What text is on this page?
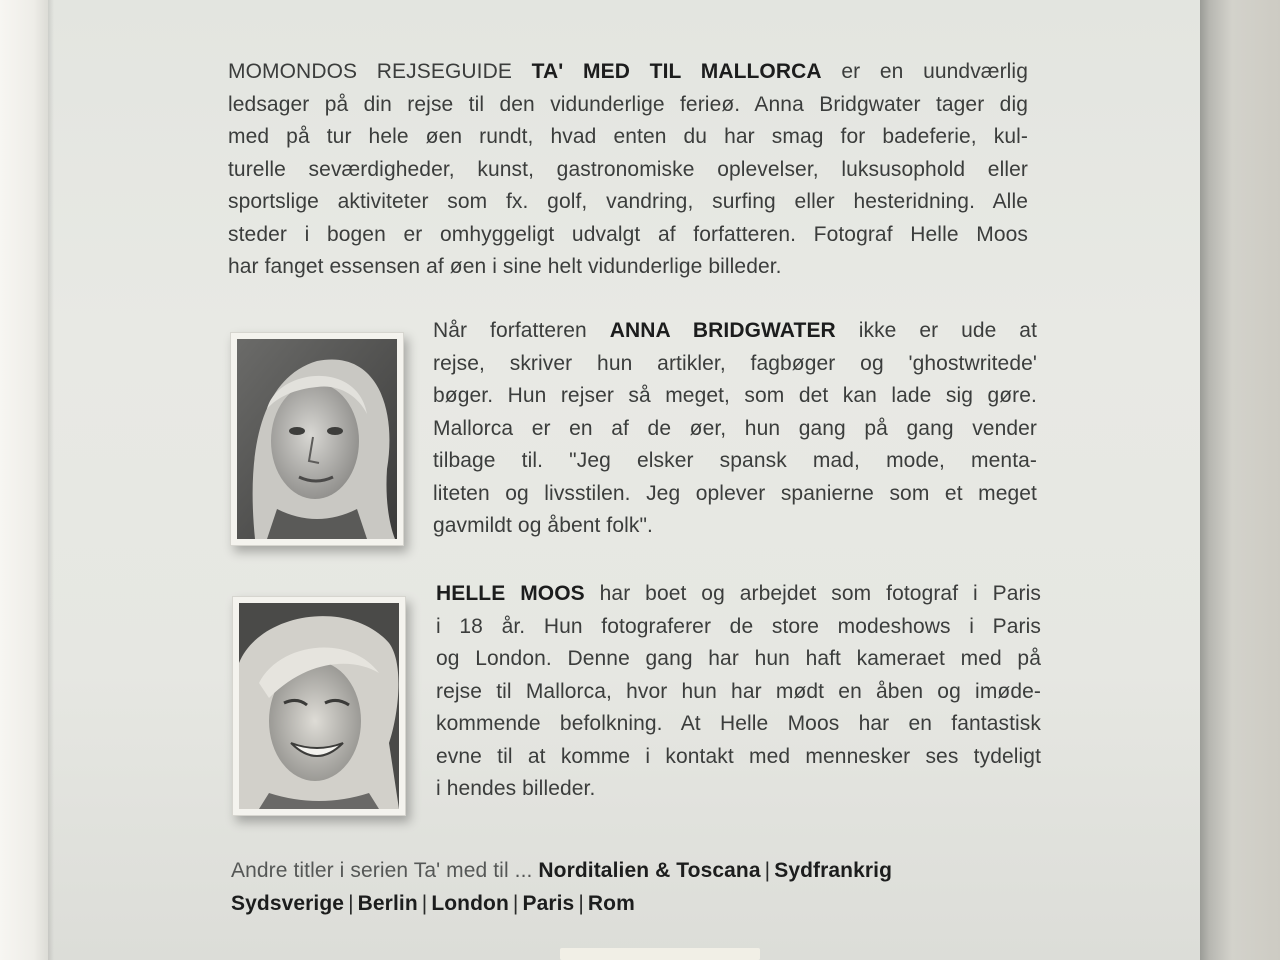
MOMONDOS REJSEGUIDE TA' MED TIL MALLORCA er en uundværlig
ledsager på din rejse til den vidunderlige ferieø. Anna Bridgwater tager dig
med på tur hele øen rundt, hvad enten du har smag for badeferie, kul-
turelle seværdigheder, kunst, gastronomiske oplevelser, luksusophold eller
sportslige aktiviteter som fx. golf, vandring, surfing eller hesteridning. Alle
steder i bogen er omhyggeligt udvalgt af forfatteren. Fotograf Helle Moos
har fanget essensen af øen i sine helt vidunderlige billeder.
Når forfatteren ANNA BRIDGWATER ikke er ude at
rejse, skriver hun artikler, fagbøger og 'ghostwritede'
bøger. Hun rejser så meget, som det kan lade sig gøre.
Mallorca er en af de øer, hun gang på gang vender
tilbage til. "Jeg elsker spansk mad, mode, menta-
liteten og livsstilen. Jeg oplever spanierne som et meget
gavmildt og åbent folk".
HELLE MOOS har boet og arbejdet som fotograf i Paris
i 18 år. Hun fotograferer de store modeshows i Paris
og London. Denne gang har hun haft kameraet med på
rejse til Mallorca, hvor hun har mødt en åben og imøde-
kommende befolkning. At Helle Moos har en fantastisk
evne til at komme i kontakt med mennesker ses tydeligt
i hendes billeder.
Andre titler i serien Ta' med til ... Norditalien & Toscana | Sydfrankrig
Sydsverige | Berlin | London | Paris | Rom
